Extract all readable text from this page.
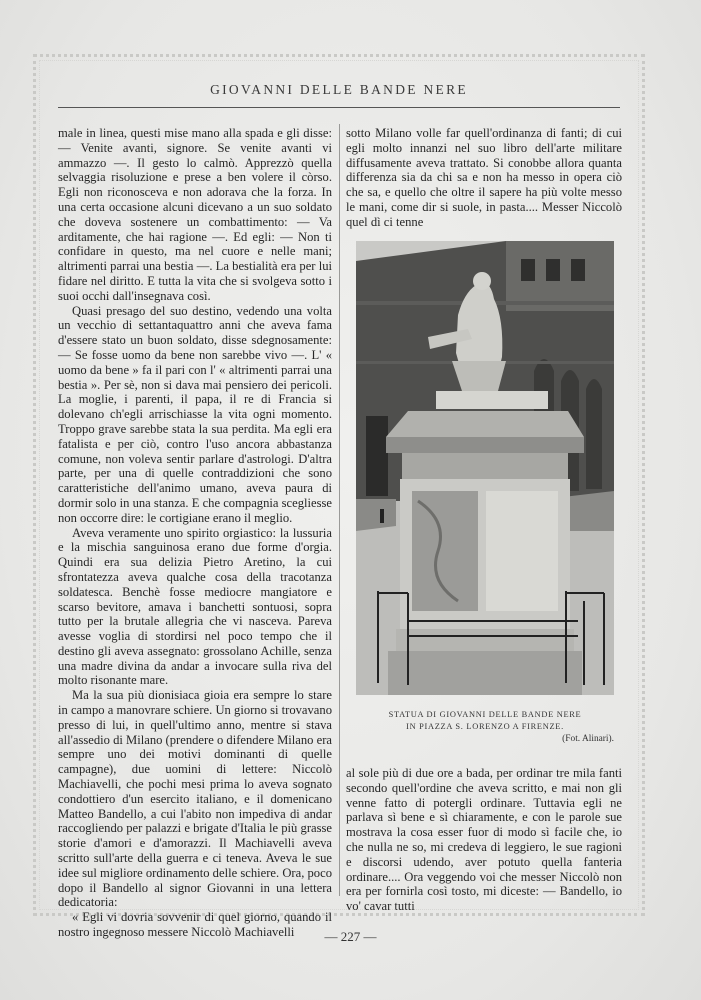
GIOVANNI DELLE BANDE NERE

male in linea, questi mise mano alla spada e gli disse: — Venite avanti, signore. Se venite avanti vi ammazzo —. Il gesto lo calmò. Apprezzò quella selvaggia risoluzione e prese a ben volere il còrso. Egli non riconosceva e non adorava che la forza. In una certa occasione alcuni dicevano a un suo soldato che doveva sostenere un combattimento: — Va arditamente, che hai ragione —. Ed egli: — Non ti confidare in questo, ma nel cuore e nelle mani; altrimenti parrai una bestia —. La bestialità era per lui fidare nel diritto. E tutta la vita che si svolgeva sotto i suoi occhi dall'insegnava così.

Quasi presago del suo destino, vedendo una volta un vecchio di settantaquattro anni che aveva fama d'essere stato un buon soldato, disse sdegnosamente: — Se fosse uomo da bene non sarebbe vivo —. L' « uomo da bene » fa il pari con l' « altrimenti parrai una bestia ». Per sè, non si dava mai pensiero dei pericoli. La moglie, i parenti, il papa, il re di Francia si dolevano ch'egli arrischiasse la vita ogni momento. Troppo grave sarebbe stata la sua perdita. Ma egli era fatalista e per ciò, contro l'uso ancora abbastanza comune, non voleva sentir parlare d'astrologi. D'altra parte, per una di quelle contraddizioni che sono caratteristiche dell'animo umano, aveva paura di dormir solo in una stanza. E che compagnia scegliesse non occorre dire: le cortigiane erano il meglio.

Aveva veramente uno spirito orgiastico: la lussuria e la mischia sanguinosa erano due forme d'orgia. Quindi era sua delizia Pietro Aretino, la cui sfrontatezza aveva qualche cosa della tracotanza soldatesca. Benchè fosse mediocre mangiatore e scarso bevitore, amava i banchetti sontuosi, sopra tutto per la brutale allegria che vi nasceva. Pareva avesse voglia di stordirsi nel poco tempo che il destino gli aveva assegnato: grossolano Achille, senza una madre divina da andar a invocare sulla riva del molto risonante mare.

Ma la sua più dionisiaca gioia era sempre lo stare in campo a manovrare schiere. Un giorno si trovavano presso di lui, in quell'ultimo anno, mentre si stava all'assedio di Milano (prendere o difendere Milano era sempre uno dei motivi dominanti di quelle campagne), due uomini di lettere: Niccolò Machiavelli, che pochi mesi prima lo aveva sognato condottiero d'un esercito italiano, e il domenicano Matteo Bandello, a cui l'abito non impediva di andar raccogliendo per palazzi e brigate d'Italia le più grasse storie d'amori e d'amorazzi. Il Machiavelli aveva scritto sull'arte della guerra e ci teneva. Aveva le sue idee sul migliore ordinamento delle schiere. Ora, poco dopo il Bandello al signor Giovanni in una lettera dedicatoria:

« Egli vi dovria sovvenir di quel giorno, quando il nostro ingegnoso messere Niccolò Machiavelli

sotto Milano volle far quell'ordinanza di fanti; di cui egli molto innanzi nel suo libro dell'arte militare diffusamente aveva trattato. Si conobbe allora quanta differenza sia da chi sa e non ha messo in opera ciò che sa, e quello che oltre il sapere ha più volte messo le mani, come dir si suole, in pasta.... Messer Niccolò quel dì ci tenne

STATUA DI GIOVANNI DELLE BANDE NERE
IN PIAZZA S. LORENZO A FIRENZE.
(Fot. Alinari).

al sole più di due ore a bada, per ordinar tre mila fanti secondo quell'ordine che aveva scritto, e mai non gli venne fatto di potergli ordinare. Tuttavia egli ne parlava sì bene e sì chiaramente, e con le parole sue mostrava la cosa esser fuor di modo sì facile che, io che nulla ne so, mi credeva di leggiero, le sue ragioni e discorsi udendo, aver potuto quella fanteria ordinare.... Ora veggendo voi che messer Niccolò non era per fornirla così tosto, mi diceste: — Bandello, io vo' cavar tutti

— 227 —
